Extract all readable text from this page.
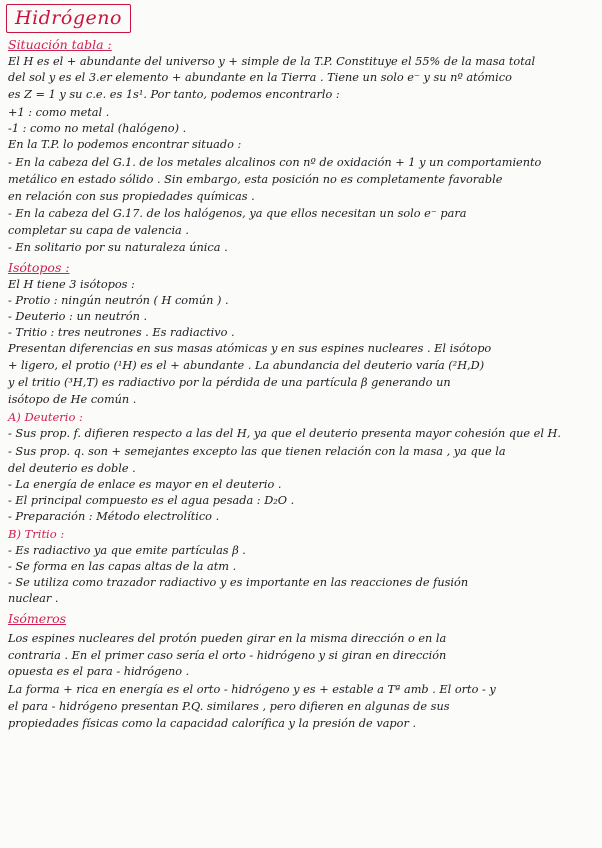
Hidrógeno
Situación tabla :
El H es el + abundante del universo y + simple de la T.P. Constituye el 55% de la masa total
del sol y es el 3.er elemento + abundante en la Tierra . Tiene un solo e⁻ y su nº atómico
es Z = 1 y su c.e. es 1s¹. Por tanto, podemos encontrarlo :
+1 : como metal .
-1 : como no metal (halógeno) .
En la T.P. lo podemos encontrar situado :
- En la cabeza del G.1. de los metales alcalinos con nº de oxidación + 1 y un comportamiento
metálico en estado sólido . Sin embargo, esta posición no es completamente favorable
en relación con sus propiedades químicas .
- En la cabeza del G.17. de los halógenos, ya que ellos necesitan un solo e⁻ para
completar su capa de valencia .
- En solitario por su naturaleza única .
Isótopos :
El H tiene 3 isótopos :
- Protio : ningún neutrón ( H común ) .
- Deuterio : un neutrón .
- Tritio : tres neutrones . Es radiactivo .
Presentan diferencias en sus masas atómicas y en sus espines nucleares . El isótopo
+ ligero, el protio (¹H) es el + abundante . La abundancia del deuterio varía (²H,D)
y el tritio (³H,T) es radiactivo por la pérdida de una partícula β generando un
isótopo de He común .
A) Deuterio :
- Sus prop. f. difieren respecto a las del H, ya que el deuterio presenta mayor cohesión que el H.
- Sus prop. q. son + semejantes excepto las que tienen relación con la masa , ya que la
del deuterio es doble .
- La energía de enlace es mayor en el deuterio .
- El principal compuesto es el agua pesada : D₂O .
- Preparación : Método electrolítico .
B) Tritio :
- Es radiactivo ya que emite partículas β .
- Se forma en las capas altas de la atm .
- Se utiliza como trazador radiactivo y es importante en las reacciones de fusión
nuclear .
Isómeros
Los espines nucleares del protón pueden girar en la misma dirección o en la
contraria . En el primer caso sería el orto - hidrógeno y si giran en dirección
opuesta es el para - hidrógeno .
La forma + rica en energía es el orto - hidrógeno y es + estable a Tª amb . El orto - y
el para - hidrógeno presentan P.Q. similares , pero difieren en algunas de sus
propiedades físicas como la capacidad calorífica y la presión de vapor .
